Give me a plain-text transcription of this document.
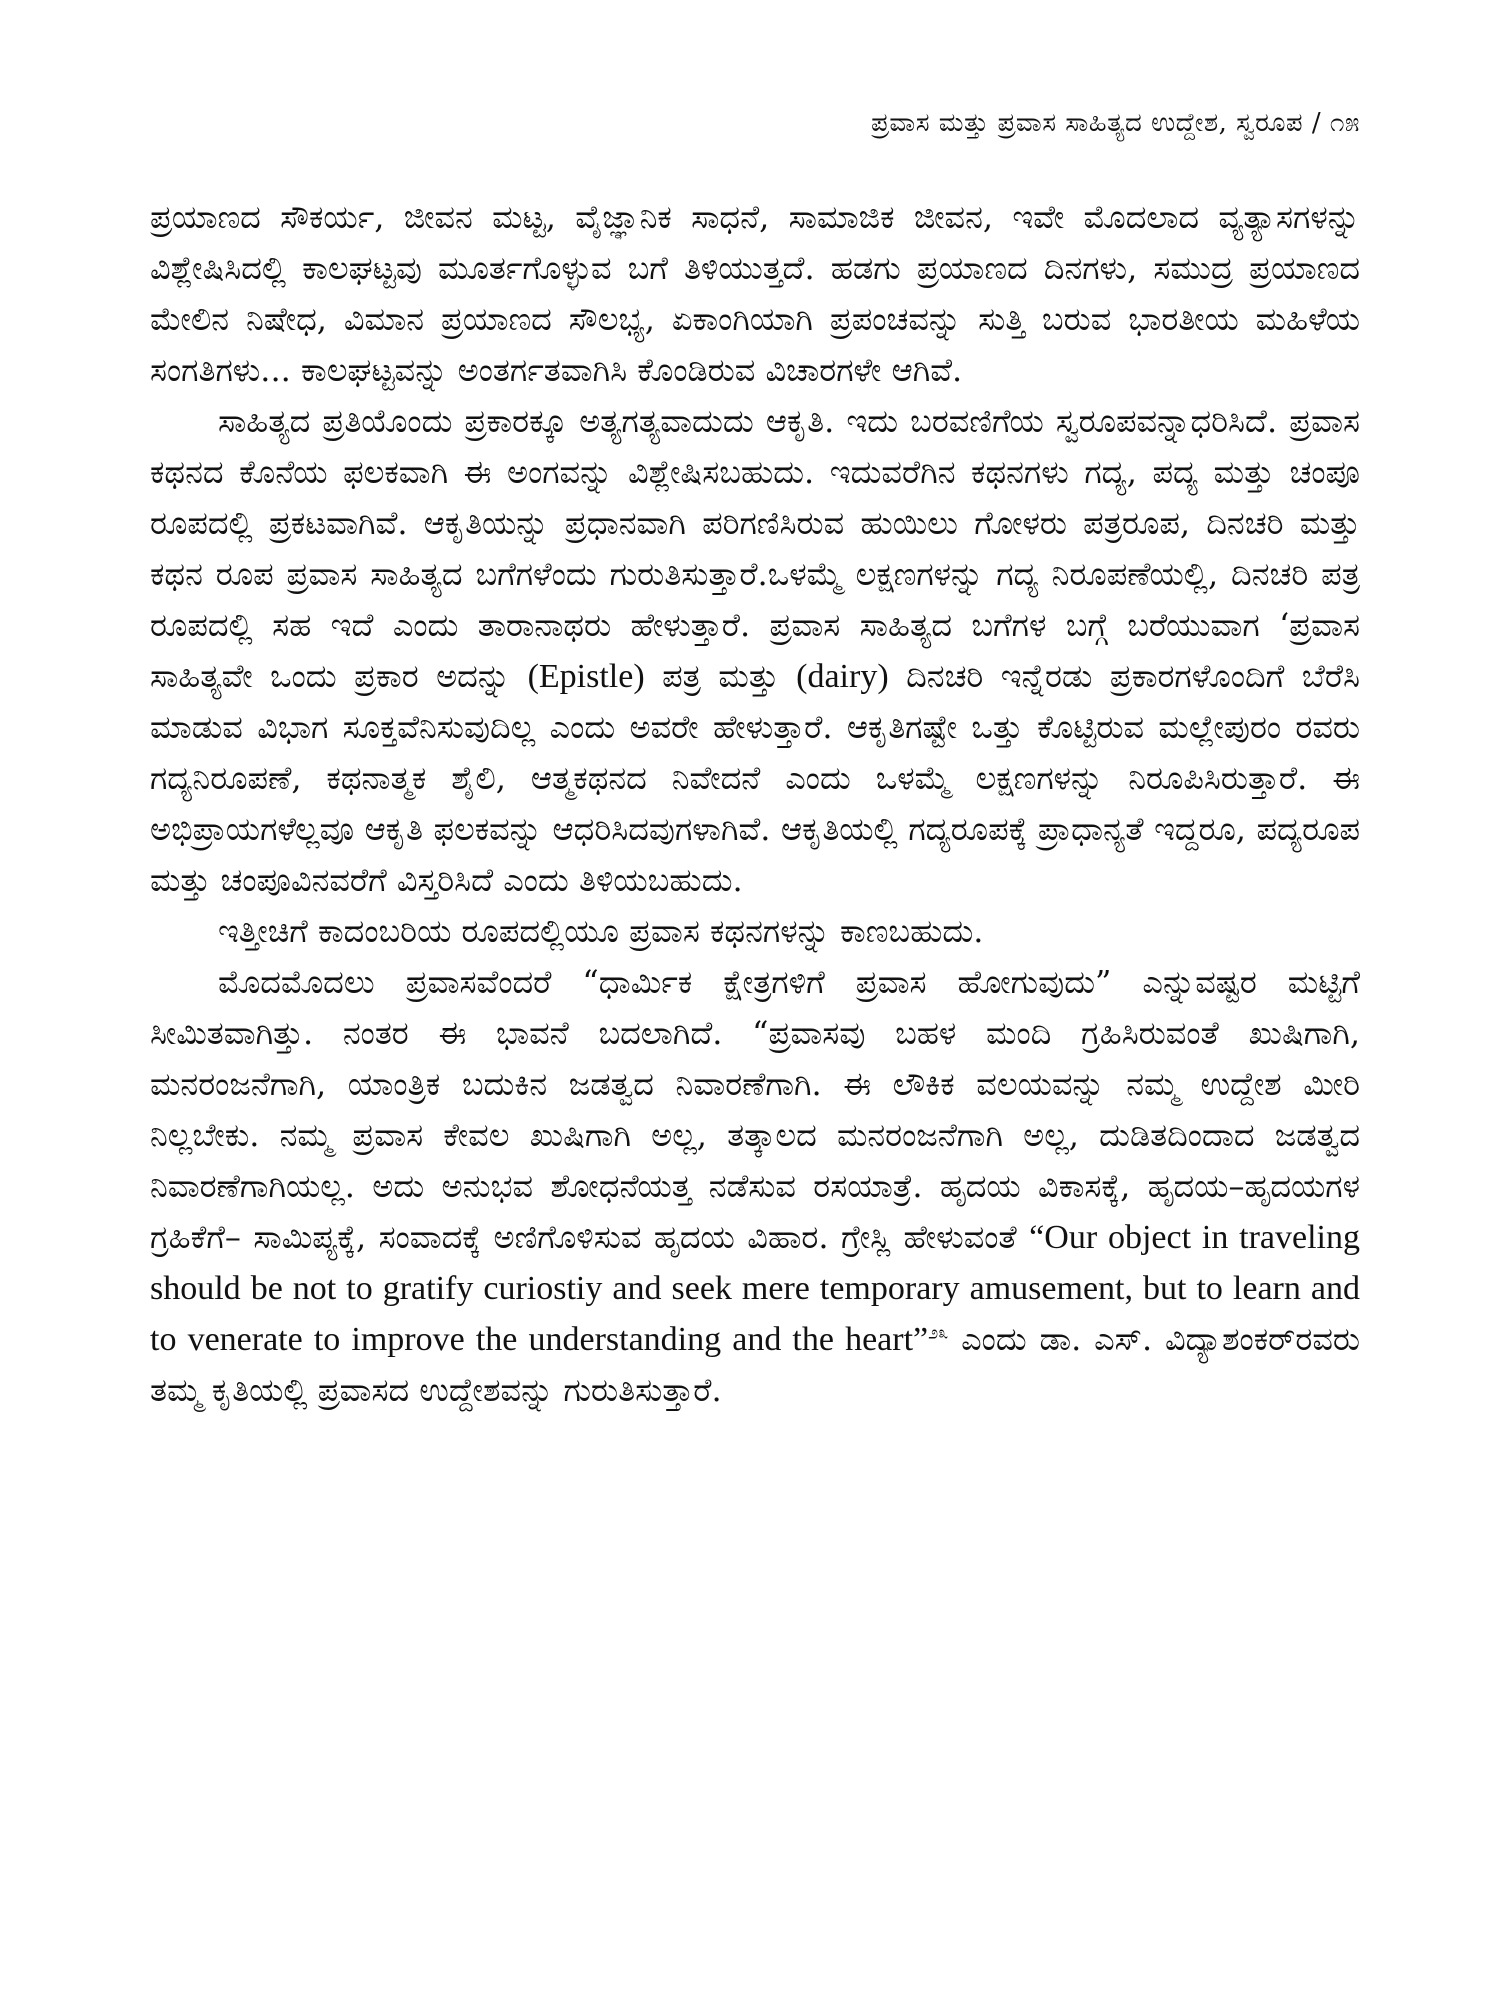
ಪ್ರವಾಸ ಮತ್ತು ಪ್ರವಾಸ ಸಾಹಿತ್ಯದ ಉದ್ದೇಶ, ಸ್ವರೂಪ / ೧೫

ಪ್ರಯಾಣದ ಸೌಕರ್ಯ, ಜೀವನ ಮಟ್ಟ, ವೈಜ್ಞಾನಿಕ ಸಾಧನೆ, ಸಾಮಾಜಿಕ ಜೀವನ, ಇವೇ ಮೊದಲಾದ ವ್ಯತ್ಯಾಸಗಳನ್ನು ವಿಶ್ಲೇಷಿಸಿದಲ್ಲಿ ಕಾಲಘಟ್ಟವು ಮೂರ್ತಗೊಳ್ಳುವ ಬಗೆ ತಿಳಿಯುತ್ತದೆ. ಹಡಗು ಪ್ರಯಾಣದ ದಿನಗಳು, ಸಮುದ್ರ ಪ್ರಯಾಣದ ಮೇಲಿನ ನಿಷೇಧ, ವಿಮಾನ ಪ್ರಯಾಣದ ಸೌಲಭ್ಯ, ಏಕಾಂಗಿಯಾಗಿ ಪ್ರಪಂಚವನ್ನು ಸುತ್ತಿ ಬರುವ ಭಾರತೀಯ ಮಹಿಳೆಯ ಸಂಗತಿಗಳು... ಕಾಲಘಟ್ಟವನ್ನು ಅಂತರ್ಗತವಾಗಿಸಿ ಕೊಂಡಿರುವ ವಿಚಾರಗಳೇ ಆಗಿವೆ.

ಸಾಹಿತ್ಯದ ಪ್ರತಿಯೊಂದು ಪ್ರಕಾರಕ್ಕೂ ಅತ್ಯಗತ್ಯವಾದುದು ಆಕೃತಿ. ಇದು ಬರವಣಿಗೆಯ ಸ್ವರೂಪವನ್ನಾಧರಿಸಿದೆ. ಪ್ರವಾಸ ಕಥನದ ಕೊನೆಯ ಫಲಕವಾಗಿ ಈ ಅಂಗವನ್ನು ವಿಶ್ಲೇಷಿಸಬಹುದು. ಇದುವರೆಗಿನ ಕಥನಗಳು ಗದ್ಯ, ಪದ್ಯ ಮತ್ತು ಚಂಪೂ ರೂಪದಲ್ಲಿ ಪ್ರಕಟವಾಗಿವೆ. ಆಕೃತಿಯನ್ನು ಪ್ರಧಾನವಾಗಿ ಪರಿಗಣಿಸಿರುವ ಹುಯಿಲು ಗೋಳರು ಪತ್ರರೂಪ, ದಿನಚರಿ ಮತ್ತು ಕಥನ ರೂಪ ಪ್ರವಾಸ ಸಾಹಿತ್ಯದ ಬಗೆಗಳೆಂದು ಗುರುತಿಸುತ್ತಾರೆ.ಒಳಮ್ಮೆ ಲಕ್ಷಣಗಳನ್ನು ಗದ್ಯ ನಿರೂಪಣೆಯಲ್ಲಿ, ದಿನಚರಿ ಪತ್ರ ರೂಪದಲ್ಲಿ ಸಹ ಇದೆ ಎಂದು ತಾರಾನಾಥರು ಹೇಳುತ್ತಾರೆ. ಪ್ರವಾಸ ಸಾಹಿತ್ಯದ ಬಗೆಗಳ ಬಗ್ಗೆ ಬರೆಯುವಾಗ ‘ಪ್ರವಾಸ ಸಾಹಿತ್ಯವೇ ಒಂದು ಪ್ರಕಾರ ಅದನ್ನು (Epistle) ಪತ್ರ ಮತ್ತು (dairy) ದಿನಚರಿ ಇನ್ನೆರಡು ಪ್ರಕಾರಗಳೊಂದಿಗೆ ಬೆರೆಸಿ ಮಾಡುವ ವಿಭಾಗ ಸೂಕ್ತವೆನಿಸುವುದಿಲ್ಲ ಎಂದು ಅವರೇ ಹೇಳುತ್ತಾರೆ. ಆಕೃತಿಗಷ್ಟೇ ಒತ್ತು ಕೊಟ್ಟಿರುವ ಮಲ್ಲೇಪುರಂ ರವರು ಗದ್ಯನಿರೂಪಣೆ, ಕಥನಾತ್ಮಕ ಶೈಲಿ, ಆತ್ಮಕಥನದ ನಿವೇದನೆ ಎಂದು ಒಳಮ್ಮೆ ಲಕ್ಷಣಗಳನ್ನು ನಿರೂಪಿಸಿರುತ್ತಾರೆ. ಈ ಅಭಿಪ್ರಾಯಗಳೆಲ್ಲವೂ ಆಕೃತಿ ಫಲಕವನ್ನು ಆಧರಿಸಿದವುಗಳಾಗಿವೆ. ಆಕೃತಿಯಲ್ಲಿ ಗದ್ಯರೂಪಕ್ಕೆ ಪ್ರಾಧಾನ್ಯತೆ ಇದ್ದರೂ, ಪದ್ಯರೂಪ ಮತ್ತು ಚಂಪೂವಿನವರೆಗೆ ವಿಸ್ತರಿಸಿದೆ ಎಂದು ತಿಳಿಯಬಹುದು.

ಇತ್ತೀಚಿಗೆ ಕಾದಂಬರಿಯ ರೂಪದಲ್ಲಿಯೂ ಪ್ರವಾಸ ಕಥನಗಳನ್ನು ಕಾಣಬಹುದು.

ಮೊದಮೊದಲು ಪ್ರವಾಸವೆಂದರೆ “ಧಾರ್ಮಿಕ ಕ್ಷೇತ್ರಗಳಿಗೆ ಪ್ರವಾಸ ಹೋಗುವುದು” ಎನ್ನುವಷ್ಟರ ಮಟ್ಟಿಗೆ ಸೀಮಿತವಾಗಿತ್ತು. ನಂತರ ಈ ಭಾವನೆ ಬದಲಾಗಿದೆ. “ಪ್ರವಾಸವು ಬಹಳ ಮಂದಿ ಗ್ರಹಿಸಿರುವಂತೆ ಖುಷಿಗಾಗಿ, ಮನರಂಜನೆಗಾಗಿ, ಯಾಂತ್ರಿಕ ಬದುಕಿನ ಜಡತ್ವದ ನಿವಾರಣೆಗಾಗಿ. ಈ ಲೌಕಿಕ ವಲಯವನ್ನು ನಮ್ಮ ಉದ್ದೇಶ ಮೀರಿ ನಿಲ್ಲಬೇಕು. ನಮ್ಮ ಪ್ರವಾಸ ಕೇವಲ ಖುಷಿಗಾಗಿ ಅಲ್ಲ, ತತ್ಕಾಲದ ಮನರಂಜನೆಗಾಗಿ ಅಲ್ಲ, ದುಡಿತದಿಂದಾದ ಜಡತ್ವದ ನಿವಾರಣೆಗಾಗಿಯಲ್ಲ. ಅದು ಅನುಭವ ಶೋಧನೆಯತ್ತ ನಡೆಸುವ ರಸಯಾತ್ರೆ. ಹೃದಯ ವಿಕಾಸಕ್ಕೆ, ಹೃದಯ–ಹೃದಯಗಳ ಗ್ರಹಿಕೆಗೆ– ಸಾಮಿಪ್ಯಕ್ಕೆ, ಸಂವಾದಕ್ಕೆ ಅಣಿಗೊಳಿಸುವ ಹೃದಯ ವಿಹಾರ. ಗ್ರೇಸ್ಲಿ ಹೇಳುವಂತೆ “Our object in traveling should be not to gratify curiostiy and seek mere temporary amusement, but to learn and to venerate to improve the understanding and the heart”$^{೨೩}$ ಎಂದು ಡಾ. ಎಸ್. ವಿದ್ಯಾಶಂಕರ್‌ರವರು ತಮ್ಮ ಕೃತಿಯಲ್ಲಿ ಪ್ರವಾಸದ ಉದ್ದೇಶವನ್ನು ಗುರುತಿಸುತ್ತಾರೆ.
